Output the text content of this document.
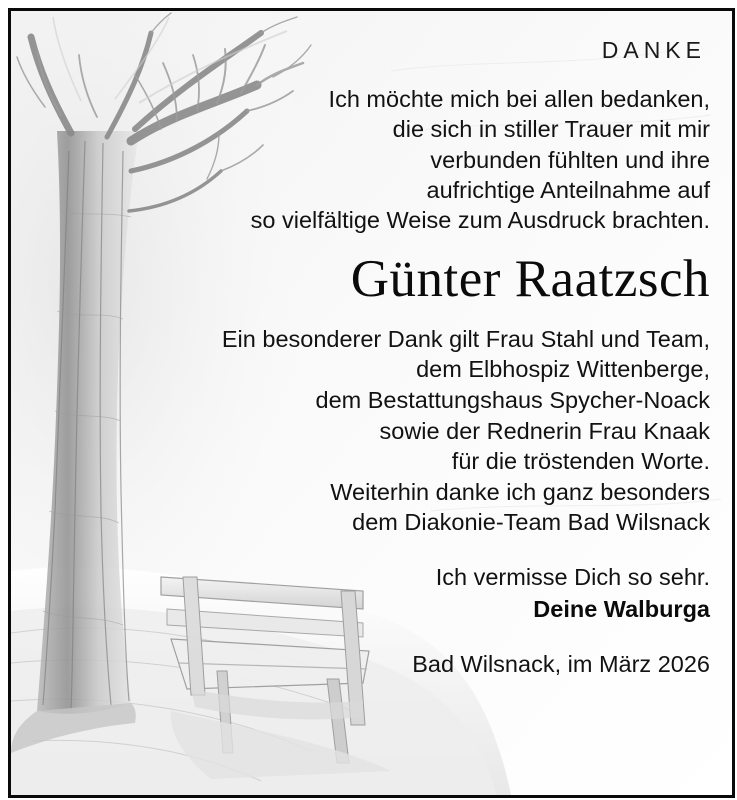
DANKE

Ich möchte mich bei allen bedanken,
die sich in stiller Trauer mit mir
verbunden fühlten und ihre
aufrichtige Anteilnahme auf
so vielfältige Weise zum Ausdruck brachten.

Günter Raatzsch

Ein besonderer Dank gilt Frau Stahl und Team,
dem Elbhospiz Wittenberge,
dem Bestattungshaus Spycher-Noack
sowie der Rednerin Frau Knaak
für die tröstenden Worte.
Weiterhin danke ich ganz besonders
dem Diakonie-Team Bad Wilsnack

Ich vermisse Dich so sehr.

Deine Walburga

Bad Wilsnack, im März 2026
